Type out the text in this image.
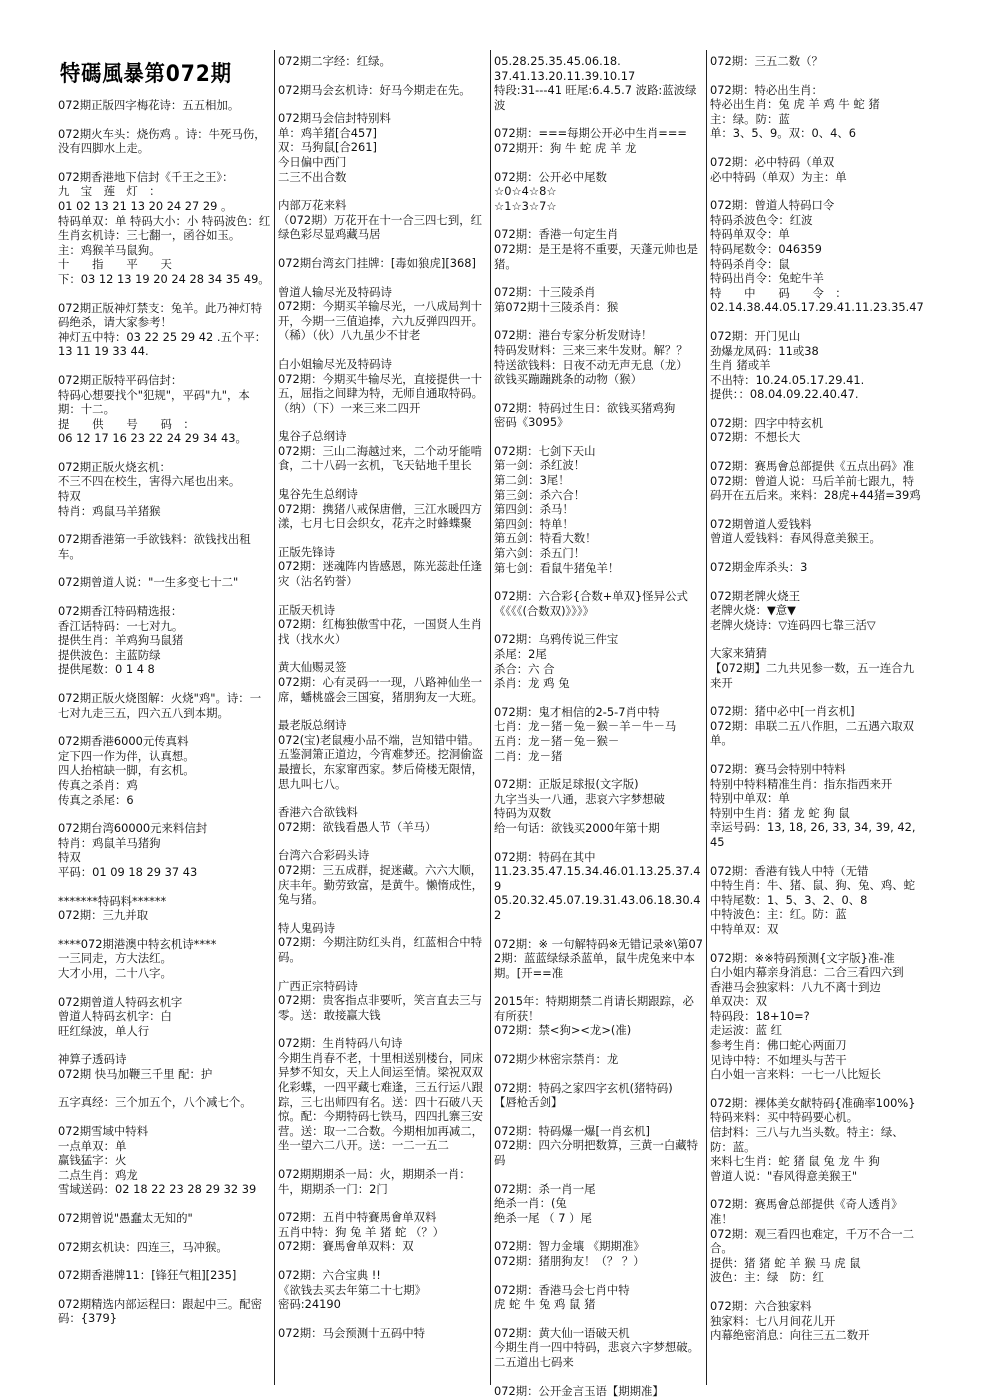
特碼風暴第072期
072期正版四字梅花诗：五五相加。
072期火车头：烧伤鸡 。诗：牛死马伤，没有四脚水上走。
072期香港地下信封《千王之王》：
九　宝　莲　灯　：
01 02 13 21 13 20 24 27 29 。
特码单双：单 特码大小：小 特码波色：红
生肖玄机诗：三七翻一，函谷如玉。
主：鸡猴羊马鼠狗。
十　　指　　平　　天
下：03 12 13 19 20 24 28 34 35 49。
072期正版神灯禁支：兔羊。此乃神灯特码绝杀，请大家参考！
神灯五中特：03 22 25 29 42 .五个平：13 11 19 33 44.
072期正版特平码信封：
特码心想要找个"犯规"，平码"九"，本期：十二。
提　　供　　号　　码　：
06 12 17 16 23 22 24 29 34 43。
072期正版火烧玄机：
不三不四在校生，害得六尾也出来。
特双
特肖：鸡鼠马羊猪猴
072期香港第一手欲钱料：欲钱找出租车。
072期曾道人说："一生多变七十二"
072期香江特码精选报：
香江话特码：一七对九。
提供生肖：羊鸡狗马鼠猪
提供波色：主蓝防绿
提供尾数：0 1 4 8
072期正版火烧图解：火烧"鸡"。诗：一七对九走三五，四六五八到本期。
072期香港6000元传真料
定下四一作为伴，认真想。
四人抬棺缺一脚，有玄机。
传真之杀肖：鸡
传真之杀尾：6
072期台湾60000元来料信封
特肖：鸡鼠羊马猪狗
特双
平码：01 09 18 29 37 43
*******特码料******
072期：三九并取
****072期港澳中特玄机诗****
一三同走，方大法红。
大才小用，二十八字。
072期曾道人特码玄机字
曾道人特码玄机字：白
旺红绿波，单人行
神算子透码诗
072期 快马加鞭三千里 配：护
五字真经：三个加五个，八个减七个。
072期雪域中特料
一点单双：单
赢钱猛字：火
二点生肖：鸡龙
雪域送码：02 18 22 23 28 29 32 39
072期曾说"愚蠢太无知的"
072期玄机诀：四连三，马冲猴。
072期香港牌11：[锋狂气粗][235]
072期精选内部运程曰：跟起中三。配密码：{379}
072期二字经：红绿。
072期马会玄机诗：好马今期走在先。
072期马会信封特别料
单：鸡羊猪[合457]
双：马狗鼠[合261]
今日偏中西门
二三不出合数
内部万花来料
（072期）万花开在十一合三四七到，红绿色彩尽显鸡藏马居
072期台湾玄门挂牌：[毒如狼虎][368]
曾道人输尽光及特码诗
072期：今期买羊输尽光，一八成局判十开，今期一三值追捧，六九反弹四四开。（稀）（伙）八九虽少不甘老
白小姐输尽光及特码诗
072期：今期买牛输尽光，直接提供一十五，屈指之间肆为特，无师自通取特码。（纳）（下）一来三来二四开
鬼谷子总纲诗
072期：三山二海越过来，二个动牙能啃食，二十八码一玄机，飞天钻地千里长
鬼谷先生总纲诗
072期：携猪八戒保唐僧，三江水暖四方漾，七月七日会织女，花卉之时蜂蝶聚
正版先锋诗
072期：迷魂阵内皆感恩，陈光蕊赴任逢灾（沾名钓誉）
正版天机诗
072期：红梅独傲雪中花，一国贤人生肖找（找水火）
黄大仙赐灵签
072期：心有灵码一一现，八路神仙坐一席，蟠桃盛会三国宴，猪朋狗友一大班。
最老版总纲诗
072(宝)老鼠瘦小品不端，岂知错中错。五鉴洞箫正道边，今宵难梦还。挖洞偷盗最擅长，东家窜西家。梦后倚楼无限情，思九叫七八。
香港六合欲钱料
072期：欲钱看愚人节（羊马）
台湾六合彩码头诗
072期：三五成群，捉迷藏。六六大顺，庆丰年。勤劳致富，是黄牛。懒惰成性，兔与猪。
特人鬼码诗
072期：今期注防红头肖，红蓝相合中特码。
广西正宗特码诗
072期：贵客指点非要听，笑言直去三与零。送：敢接赢大钱
072期：生肖特码八句诗
今期生肖春不老，十里相送别楼台，同床异梦不知女，天上人间运至情。梁祝双双化彩蝶，一四平藏七难逢，三五行运八跟踪，三七出师四有名。送：四十石破八天惊。配：今期特码七铁马，四四扎寨三安营。送：取一二合数。今期相加再减二，坐一望六二八开。送：一二一五二
072期期期杀一局：火，期期杀一肖：牛，期期杀一门：2门
072期：五肖中特賽馬會单双料
五肖中特：狗 兔 羊 猪 蛇 （？）
072期：賽馬會单双料：双
072期：六合宝典 !!
《欲钱去买去年第二十七期》
密码:24190
072期：马会预测十五码中特
05.28.25.35.45.06.18.
37.41.13.20.11.39.10.17
特段:31---41 旺尾:6.4.5.7 波路:蓝波绿波
072期：===每期公开必中生肖===
072期开：狗 牛 蛇 虎 羊 龙
072期：公开必中尾数
☆0☆4☆8☆
☆1☆3☆7☆
072期：香港一句定生肖
072期：是王是将不重要，天蓬元帅也是猪。
072期：十三陵杀肖
第072期十三陵杀肖：猴
072期：港台专家分析发财诗！
特码发财料：三来三来牛发财。解？？
特送欲钱料：日夜不动无声无息（龙）
欲钱买蹦蹦跳条的动物（猴）
072期：特码过生日：欲钱买猪鸡狗
密码《3095》
072期：七剑下天山
第一剑：杀红波！
第二剑：3尾！
第三剑：杀六合！
第四剑：杀马！
第四剑：特单！
第五剑：特看大数！
第六剑：杀五门！
第七剑：看鼠牛猪兔羊！
072期：六合彩{合数+单双}怪异公式
《《《《(合数双)》》》》
072期：乌鸦传说三件宝
杀尾：2尾
杀合：六 合
杀肖：龙 鸡 兔
072期：鬼才相信的2-5-7肖中特
七肖：龙－猪－兔－猴－羊－牛－马
五肖：龙－猪－兔－猴－
二肖：龙－猪
072期：正版足球报(文字版)
九字当头一八通，悲哀六字梦想破
特码为双数
给一句话：欲钱买2000年第十期
072期：特码在其中
11.23.35.47.15.34.46.01.13.25.37.49
05.20.32.45.07.19.31.43.06.18.30.42
072期：※ 一句解特码※无错记录※\第072期：蓝蓝绿绿杀蓝单，鼠牛虎兔来中本期。[开==准
2015年：特期期禁二肖请长期跟踪，必有所获！
072期：禁<狗><龙>(准)
072期少林密宗禁肖：龙
072期：特码之家四字玄机(猪特码)
【唇枪舌剑】
072期：特码爆一爆[一肖玄机]
072期：四六分明把数算，三黄一白藏特码
072期：杀一肖一尾
绝杀一肖：(兔
绝杀一尾 （ 7 ）尾
072期：智力金壤 《期期准》
072期：猪朋狗友！（？ ？）
072期：香港马会七肖中特
虎 蛇 牛 兔 鸡 鼠 猪
072期：黄大仙一语破天机
今期生肖一四中特码，悲哀六字梦想破。
二五道出七码来
072期：公开金言玉语【期期准】
072期：三五二数（？
072期：特必出生肖：
特必出生肖：兔 虎 羊 鸡 牛 蛇 猪
主：绿。防：蓝
单：3、5、9。双：0、4、6
072期：必中特码（单双
必中特码（单双）为主：单
072期：曾道人特码口令
特码杀波色令：红波
特码单双令：单
特码尾数令：046359
特码杀肖令：鼠
特码出肖令：兔蛇牛羊
特　　中　　码　　令　：
02.14.38.44.05.17.29.41.11.23.35.47
072期：开门见山
劲爆龙凤码：11或38
生肖 猪或羊
不出特：10.24.05.17.29.41.
提供：：08.04.09.22.40.47.
072期：四字中特玄机
072期：不想长大
072期：赛馬會总部提供《五点出码》准
072期：曾道人说：马后羊前七跟九，特码开在五后来。来料：28虎+44猪=39鸡
072期曾道人爱钱料
曾道人爱钱料：春风得意美猴王。
072期金库杀头：3
072期老牌火烧王
老牌火烧：▼意▼
老牌火烧诗：▽连码四七靠三活▽
大家来猜猜
【072期】二九共见参一数，五一连合九来开
072期：猪中必中[一肖玄机]
072期：串联二五八作胆，二五遇六取双单。
072期：赛马会特别中特料
特别中特料精准生肖：指东指西来开
特别中单双：单
特别中生肖：猪 龙 蛇 狗 鼠
幸运号码：13, 18, 26, 33, 34, 39, 42, 45
072期：香港有钱人中特（无错
中特生肖：牛、猪、鼠、狗、兔、鸡、蛇
中特尾数：1、5、3、2、0、8
中特波色：主：红。防：蓝
中特单双：双
072期：※※特码预测{文字版}准-准
白小姐内幕亲身消息：二合三看四六到
香港马会独家料：八九不离十到边
单双决：双
特码段：18+10=?
走运波：蓝 红
参考生肖：佛口蛇心两面刀
见诗中特：不如埋头与苦干
白小姐一言来料：一七一八比短长
072期：裸体美女献特码{准确率100%}
特码来料：买中特码要心机。
信封料：三八与九当头数。特主：绿、防：蓝。
来料七生肖：蛇 猪 鼠 兔 龙 牛 狗
曾道人说："春风得意美猴王"
072期：赛馬會总部提供《奇人透肖》准！
072期：观三看四也难定，千万不合一二合。
提供：猪 猪 蛇 羊 猴 马 虎 鼠
波色：主：绿　防：红
072期：六合独家料
独家料：七八月间花儿开
内幕绝密消息：向往三五二数开
